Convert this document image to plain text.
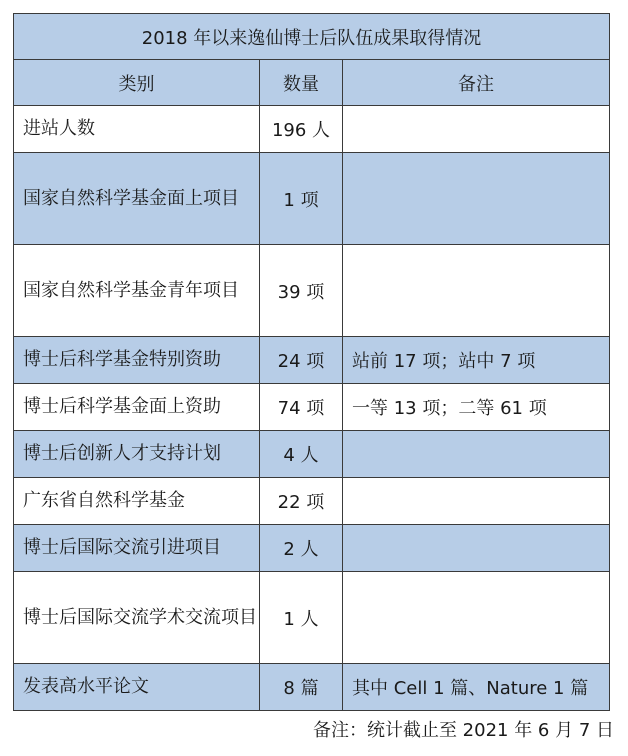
2018 年以来逸仙博士后队伍成果取得情况		
类别	数量	备注
进站人数	196 人	
国家自然科学基金面上项目	1 项	
国家自然科学基金青年项目	39 项	
博士后科学基金特别资助	24 项	站前 17 项；站中 7 项
博士后科学基金面上资助	74 项	一等 13 项；二等 61 项
博士后创新人才支持计划	4 人	
广东省自然科学基金	22 项	
博士后国际交流引进项目	2 人	
博士后国际交流学术交流项目	1 人	
发表高水平论文	8 篇	其中 Cell 1 篇、Nature 1 篇
备注：统计截止至 2021 年 6 月 7 日
